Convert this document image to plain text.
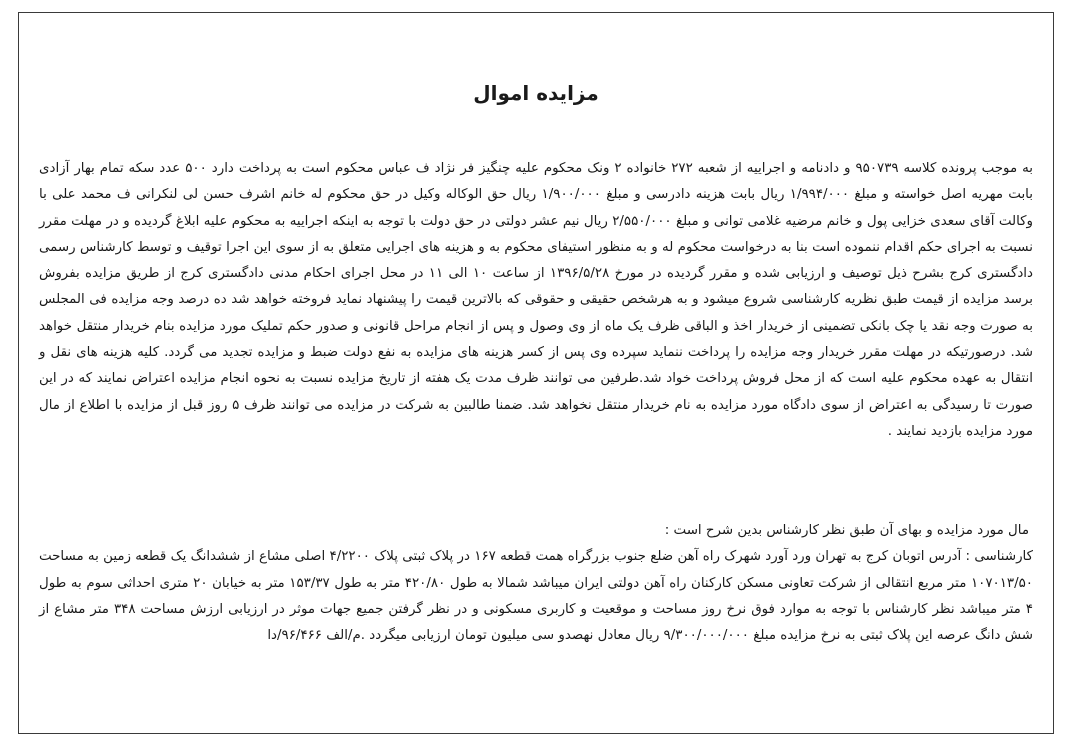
مزایده اموال
به موجب پرونده کلاسه ۹۵۰۷۳۹ و دادنامه و اجراییه از شعبه ۲۷۲ خانواده ۲ ونک محکوم علیه چنگیز فر نژاد ف عباس محکوم است به پرداخت دارد ۵۰۰ عدد سکه تمام بهار آزادی بابت مهریه اصل خواسته و مبلغ ۱/۹۹۴/۰۰۰ ریال بابت هزینه دادرسی و مبلغ ۱/۹۰۰/۰۰۰ ریال حق الوکاله وکیل در حق محکوم له خانم اشرف حسن لی لنکرانی ف محمد علی با وکالت آقای سعدی خزایی پول و خانم مرضیه غلامی توانی و مبلغ ۲/۵۵۰/۰۰۰ ریال نیم عشر دولتی در حق دولت با توجه به اینکه اجراییه به محکوم علیه ابلاغ گردیده و در مهلت مقرر نسبت به اجرای حکم اقدام ننموده است بنا به درخواست محکوم له و به منظور استیفای محکوم به و هزینه های اجرایی متعلق به از سوی این اجرا توقیف و توسط کارشناس رسمی دادگستری کرج بشرح ذیل توصیف و ارزیابی شده و مقرر گردیده در مورخ ۱۳۹۶/۵/۲۸ از ساعت ۱۰ الی ۱۱ در محل اجرای احکام مدنی دادگستری کرج از طریق مزایده بفروش برسد مزایده از قیمت طبق نظریه کارشناسی شروع میشود و به هرشخص حقیقی و حقوقی که بالاترین قیمت را پیشنهاد نماید فروخته خواهد شد ده درصد وجه مزایده فی المجلس به صورت وجه نقد یا چک بانکی تضمینی از خریدار اخذ و الباقی ظرف یک ماه از وی وصول و پس از انجام مراحل قانونی و صدور حکم تملیک مورد مزایده بنام خریدار منتقل خواهد شد. درصورتیکه در مهلت مقرر خریدار وجه مزایده را پرداخت ننماید سپرده وی پس از کسر هزینه های مزایده به نفع دولت ضبط و مزایده تجدید می گردد. کلیه هزینه های نقل و انتقال به عهده محکوم علیه است که از محل فروش پرداخت خواد شد.طرفین می توانند ظرف مدت یک هفته از تاریخ مزایده نسبت به نحوه انجام مزایده اعتراض نمایند که در این صورت تا رسیدگی به اعتراض از سوی دادگاه مورد مزایده به نام خریدار منتقل نخواهد شد. ضمنا طالبین به شرکت در مزایده می توانند ظرف ۵ روز قبل از مزایده با اطلاع از مال مورد مزایده بازدید نمایند .
مال مورد مزایده و بهای آن طبق نظر کارشناس بدین شرح است :
کارشناسی : آدرس اتوبان کرج به تهران ورد آورد شهرک راه آهن ضلع جنوب بزرگراه همت قطعه ۱۶۷ در پلاک ثبتی پلاک ۴/۲۲۰۰ اصلی مشاع از ششدانگ یک قطعه زمین به مساحت ۱۰۷۰۱۳/۵۰ متر مربع انتقالی از شرکت تعاونی مسکن کارکنان راه آهن دولتی ایران میباشد شمالا به طول ۴۲۰/۸۰ متر به طول ۱۵۳/۳۷ متر به خیابان ۲۰ متری احداثی سوم به طول ۴ متر میباشد نظر کارشناس با توجه به موارد فوق نرخ روز مساحت و موقعیت و کاربری مسکونی و در نظر گرفتن جمیع جهات موثر در ارزیابی ارزش مساحت ۳۴۸ متر مشاع از شش دانگ عرصه این پلاک ثبتی به نرخ مزایده مبلغ ۹/۳۰۰/۰۰۰/۰۰۰ ریال معادل نهصدو سی میلیون تومان ارزیابی میگردد .م/الف ۹۶/۴۶۶/دا
